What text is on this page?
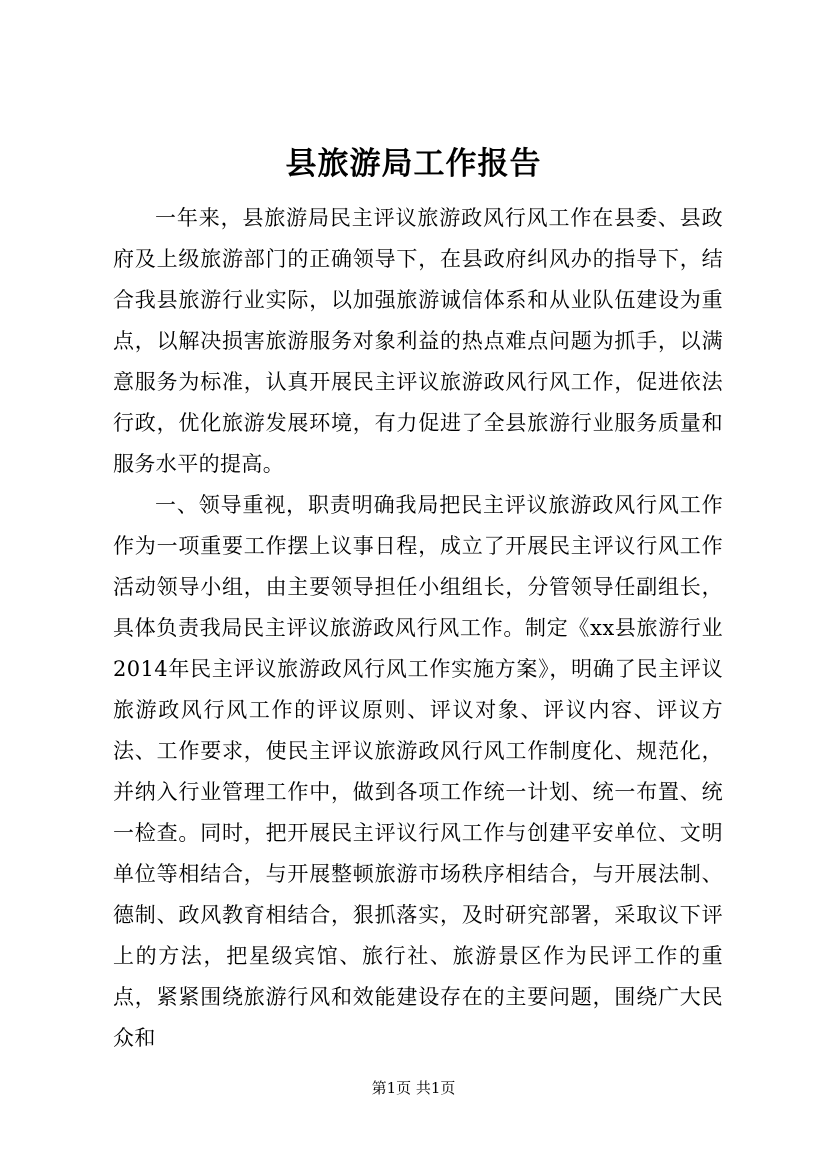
县旅游局工作报告

一年来，县旅游局民主评议旅游政风行风工作在县委、县政府及上级旅游部门的正确领导下，在县政府纠风办的指导下，结合我县旅游行业实际，以加强旅游诚信体系和从业队伍建设为重点，以解决损害旅游服务对象利益的热点难点问题为抓手，以满意服务为标准，认真开展民主评议旅游政风行风工作，促进依法行政，优化旅游发展环境，有力促进了全县旅游行业服务质量和服务水平的提高。

一、领导重视，职责明确我局把民主评议旅游政风行风工作作为一项重要工作摆上议事日程，成立了开展民主评议行风工作活动领导小组，由主要领导担任小组组长，分管领导任副组长，具体负责我局民主评议旅游政风行风工作。制定《xx县旅游行业2014年民主评议旅游政风行风工作实施方案》，明确了民主评议旅游政风行风工作的评议原则、评议对象、评议内容、评议方法、工作要求，使民主评议旅游政风行风工作制度化、规范化，并纳入行业管理工作中，做到各项工作统一计划、统一布置、统一检查。同时，把开展民主评议行风工作与创建平安单位、文明单位等相结合，与开展整顿旅游市场秩序相结合，与开展法制、德制、政风教育相结合，狠抓落实，及时研究部署，采取议下评上的方法，把星级宾馆、旅行社、旅游景区作为民评工作的重点，紧紧围绕旅游行风和效能建设存在的主要问题，围绕广大民众和

第1页 共1页
